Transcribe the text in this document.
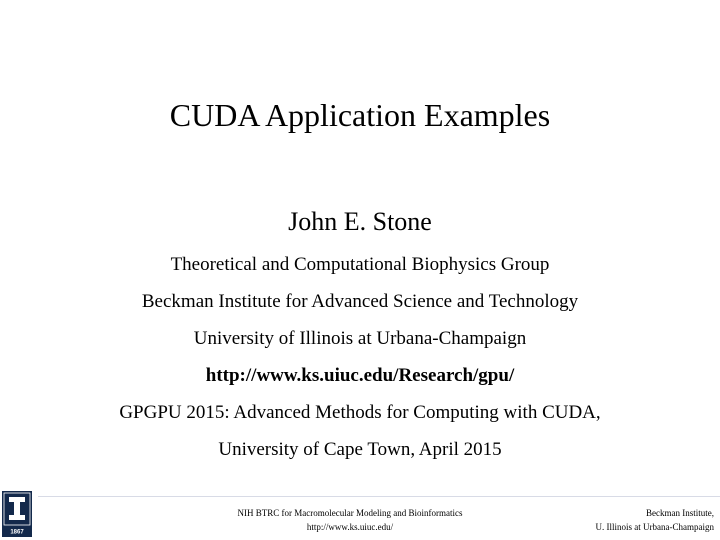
CUDA Application Examples
John E. Stone
Theoretical and Computational Biophysics Group
Beckman Institute for Advanced Science and Technology
University of Illinois at Urbana-Champaign
http://www.ks.uiuc.edu/Research/gpu/
GPGPU 2015: Advanced Methods for Computing with CUDA,
University of Cape Town, April 2015
1867
NIH BTRC for Macromolecular Modeling and Bioinformatics
http://www.ks.uiuc.edu/
Beckman Institute,
U. Illinois at Urbana-Champaign
